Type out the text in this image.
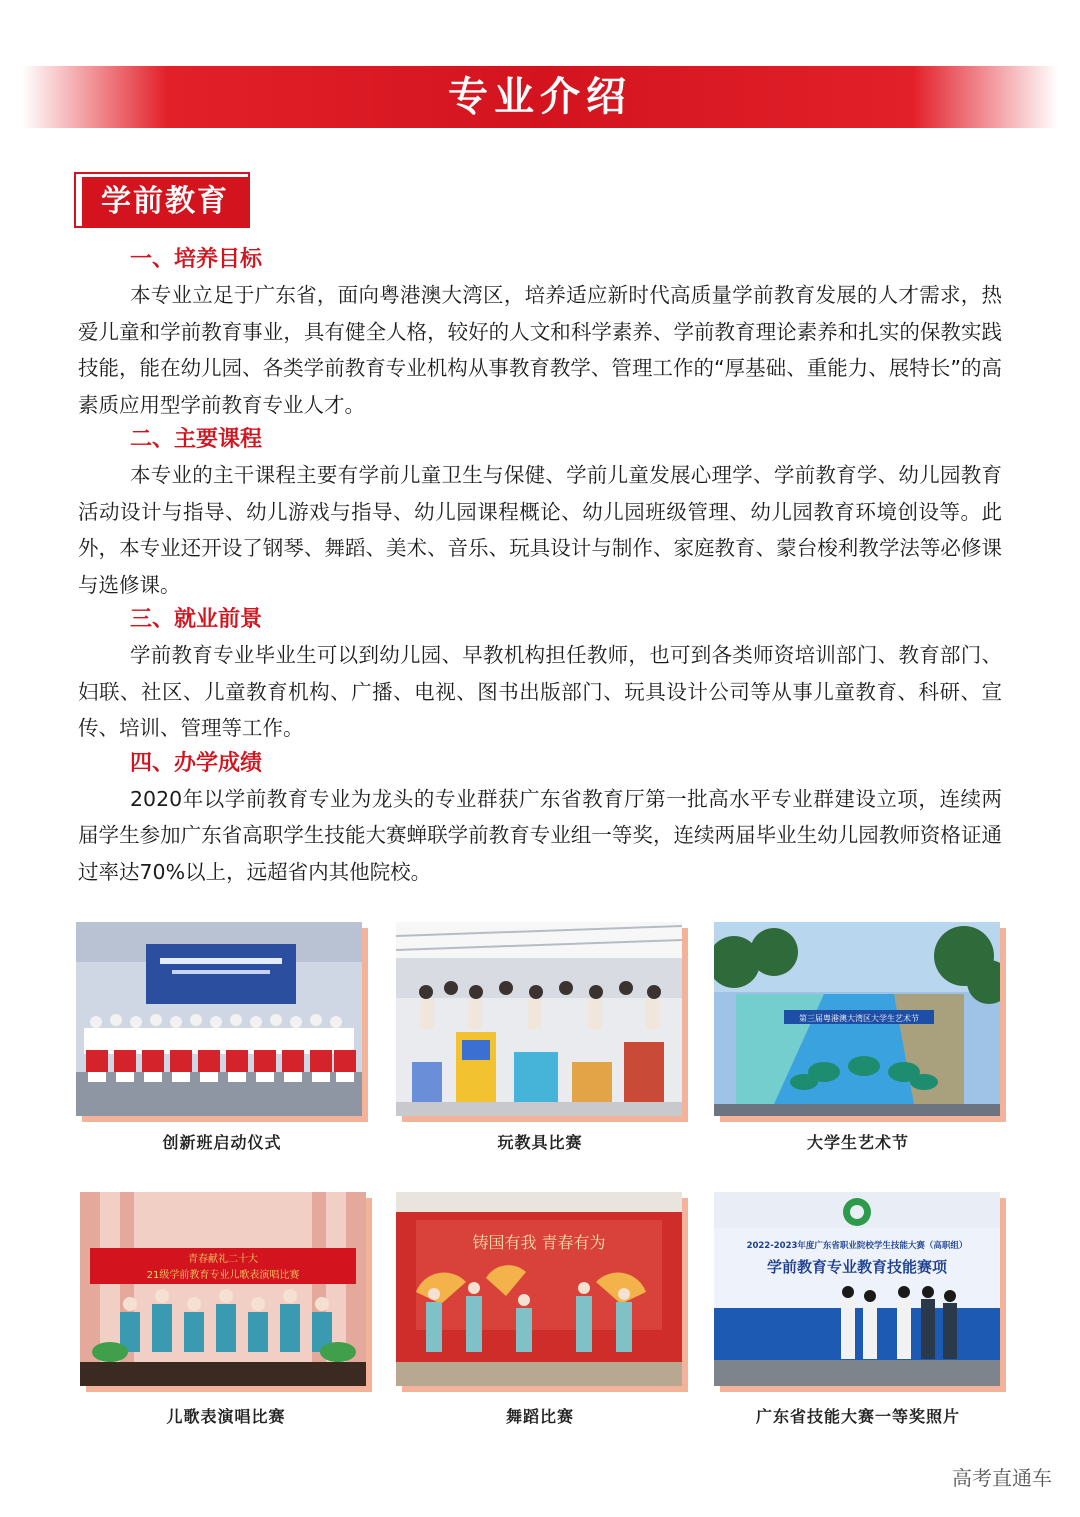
专业介绍
学前教育

一、培养目标

本专业立足于广东省，面向粤港澳大湾区，培养适应新时代高质量学前教育发展的人才需求，热爱儿童和学前教育事业，具有健全人格，较好的人文和科学素养、学前教育理论素养和扎实的保教实践技能，能在幼儿园、各类学前教育专业机构从事教育教学、管理工作的“厚基础、重能力、展特长”的高素质应用型学前教育专业人才。

二、主要课程

本专业的主干课程主要有学前儿童卫生与保健、学前儿童发展心理学、学前教育学、幼儿园教育活动设计与指导、幼儿游戏与指导、幼儿园课程概论、幼儿园班级管理、幼儿园教育环境创设等。此外，本专业还开设了钢琴、舞蹈、美术、音乐、玩具设计与制作、家庭教育、蒙台梭利教学法等必修课与选修课。

三、就业前景

学前教育专业毕业生可以到幼儿园、早教机构担任教师，也可到各类师资培训部门、教育部门、妇联、社区、儿童教育机构、广播、电视、图书出版部门、玩具设计公司等从事儿童教育、科研、宣传、培训、管理等工作。

四、办学成绩

2020年以学前教育专业为龙头的专业群获广东省教育厅第一批高水平专业群建设立项，连续两届学生参加广东省高职学生技能大赛蝉联学前教育专业组一等奖，连续两届毕业生幼儿园教师资格证通过率达70%以上，远超省内其他院校。

创新班启动仪式	玩教具比赛
第三届粤港澳大湾区大学生艺术节
大学生艺术节
青春献礼二十大
21级学前教育专业儿歌表演唱比赛
儿歌表演唱比赛
铸国有我 青春有为
舞蹈比赛
2022-2023年度广东省职业院校学生技能大赛（高职组）
学前教育专业教育技能赛项
广东省技能大赛一等奖照片
高考直通车
